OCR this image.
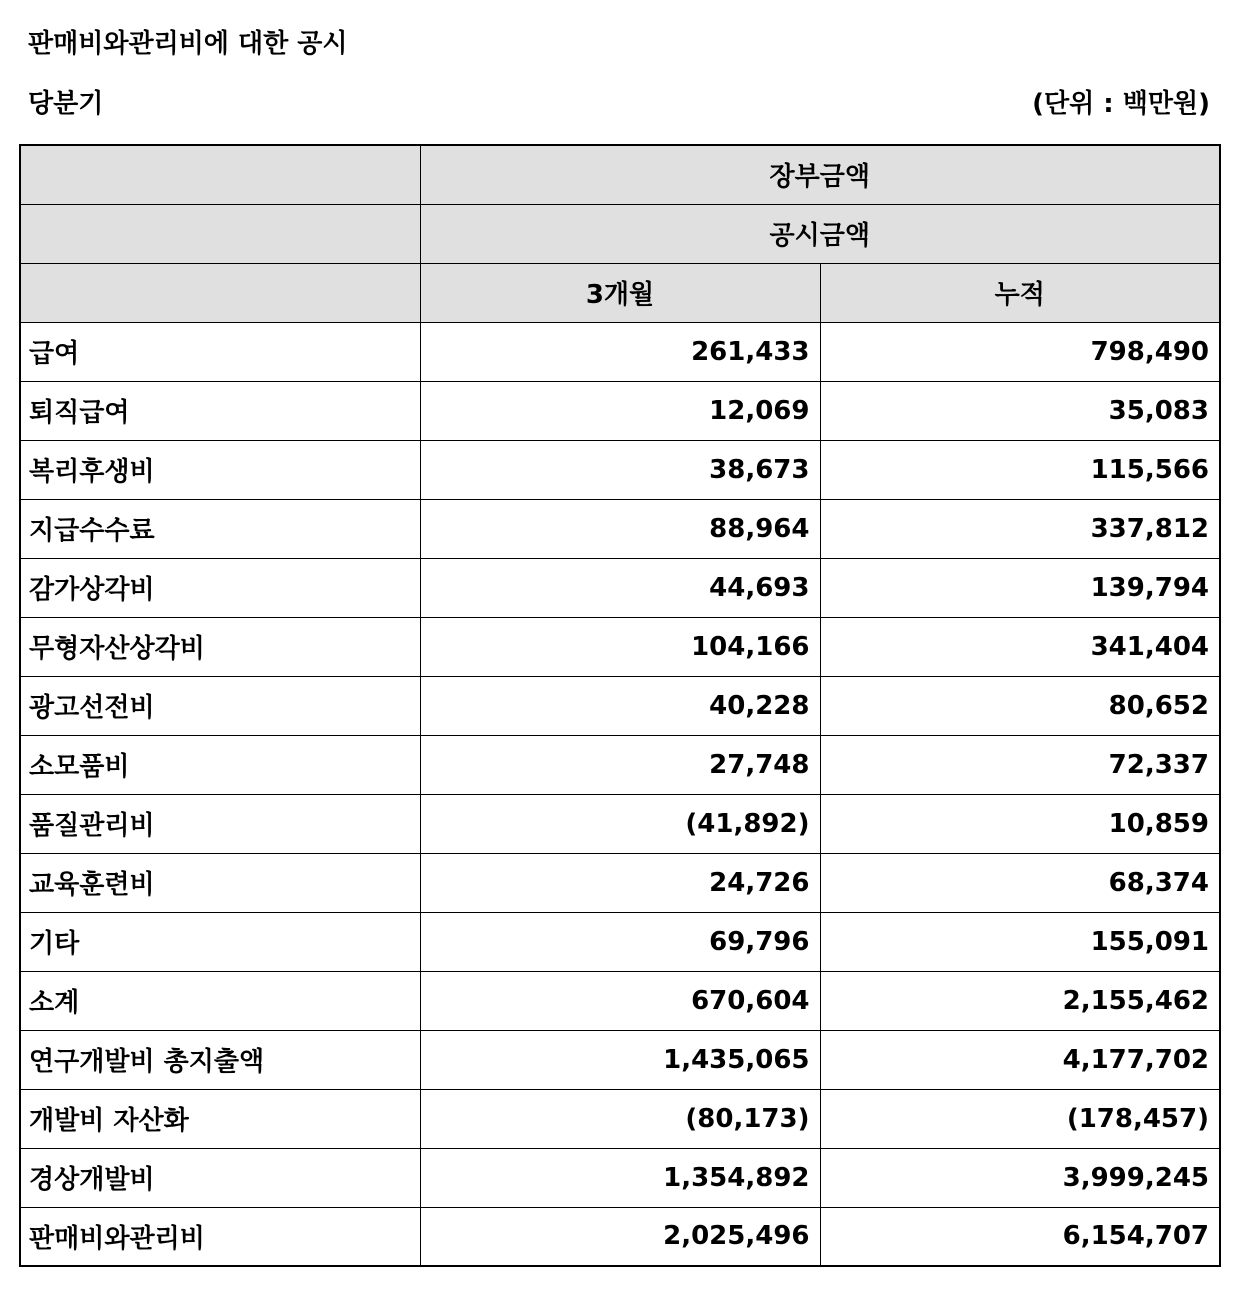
판매비와관리비에 대한 공시
당분기	(단위 : 백만원)
	장부금액	
	공시금액	
	3개월	누적
급여	261,433	798,490
퇴직급여	12,069	35,083
복리후생비	38,673	115,566
지급수수료	88,964	337,812
감가상각비	44,693	139,794
무형자산상각비	104,166	341,404
광고선전비	40,228	80,652
소모품비	27,748	72,337
품질관리비	(41,892)	10,859
교육훈련비	24,726	68,374
기타	69,796	155,091
소계	670,604	2,155,462
연구개발비 총지출액	1,435,065	4,177,702
개발비 자산화	(80,173)	(178,457)
경상개발비	1,354,892	3,999,245
판매비와관리비	2,025,496	6,154,707
